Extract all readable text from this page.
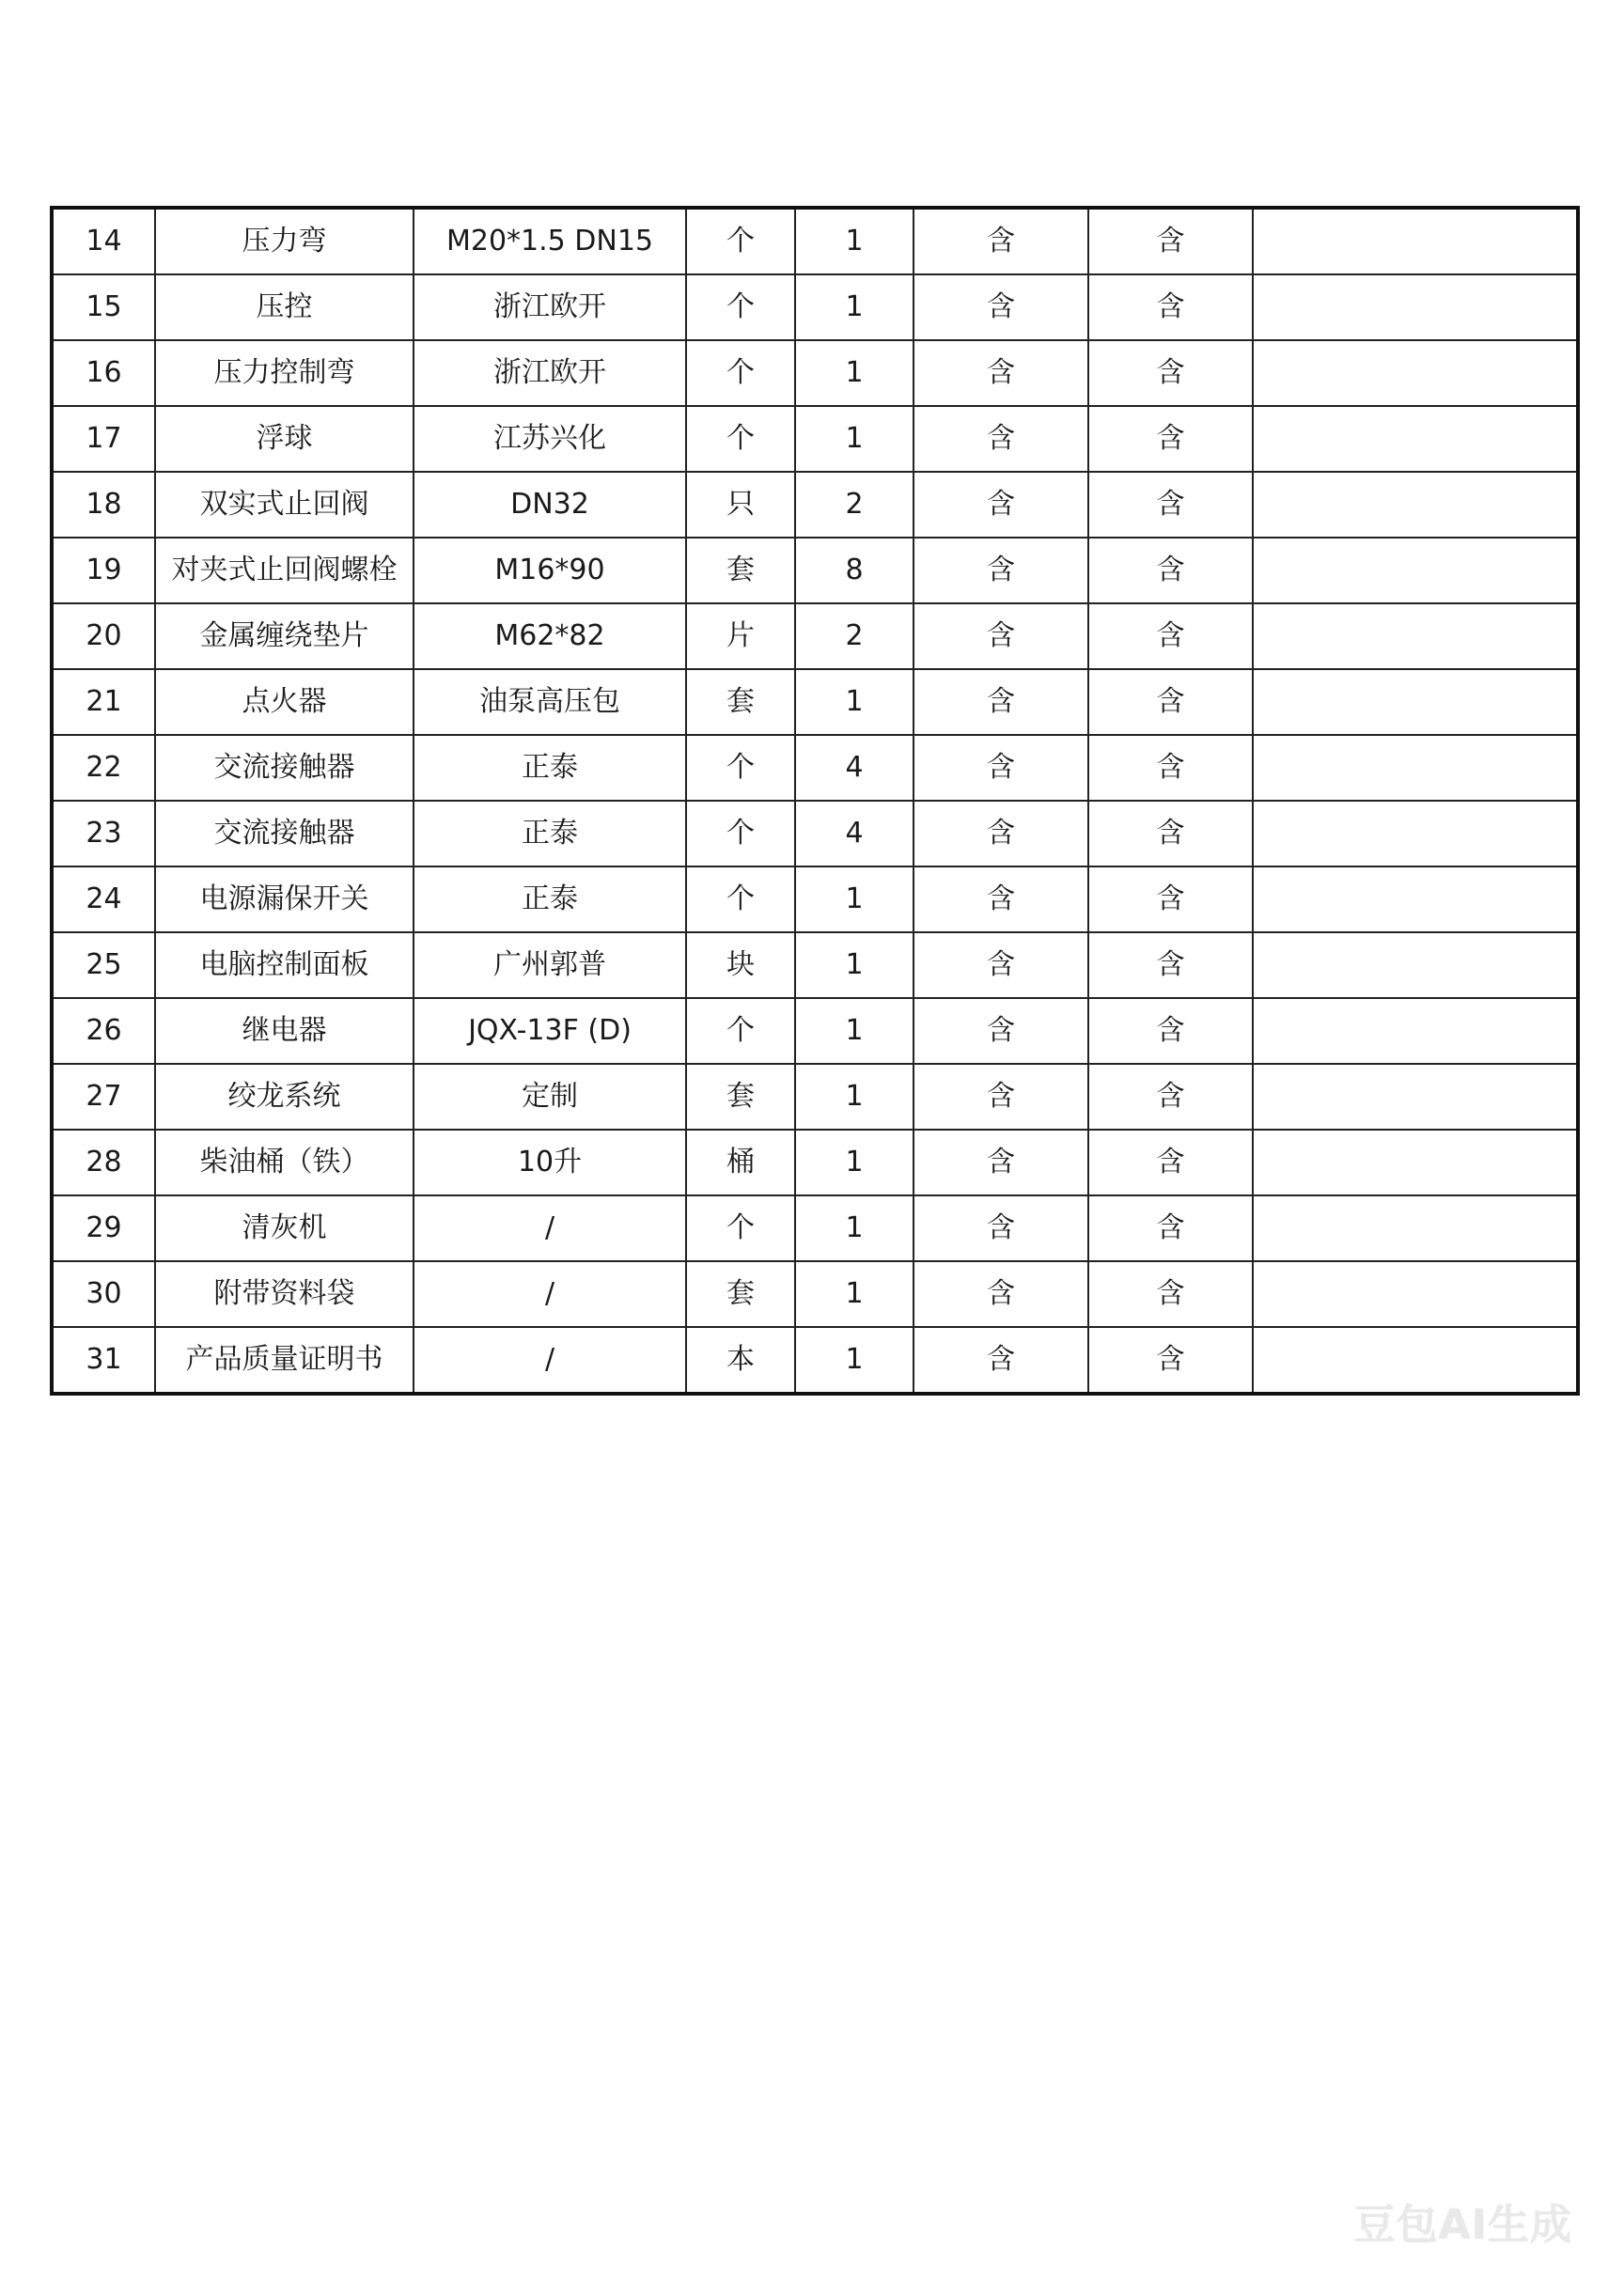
14	压力弯	M20*1.5 DN15	个	1	含	含	
15	压控	浙江欧开	个	1	含	含	
16	压力控制弯	浙江欧开	个	1	含	含	
17	浮球	江苏兴化	个	1	含	含	
18	双实式止回阀	DN32	只	2	含	含	
19	对夹式止回阀螺栓	M16*90	套	8	含	含	
20	金属缠绕垫片	M62*82	片	2	含	含	
21	点火器	油泵高压包	套	1	含	含	
22	交流接触器	正泰	个	4	含	含	
23	交流接触器	正泰	个	4	含	含	
24	电源漏保开关	正泰	个	1	含	含	
25	电脑控制面板	广州郭普	块	1	含	含	
26	继电器	JQX-13F (D)	个	1	含	含	
27	绞龙系统	定制	套	1	含	含	
28	柴油桶（铁）	10升	桶	1	含	含	
29	清灰机	/	个	1	含	含	
30	附带资料袋	/	套	1	含	含	
31	产品质量证明书	/	本	1	含	含	
豆包AI生成
